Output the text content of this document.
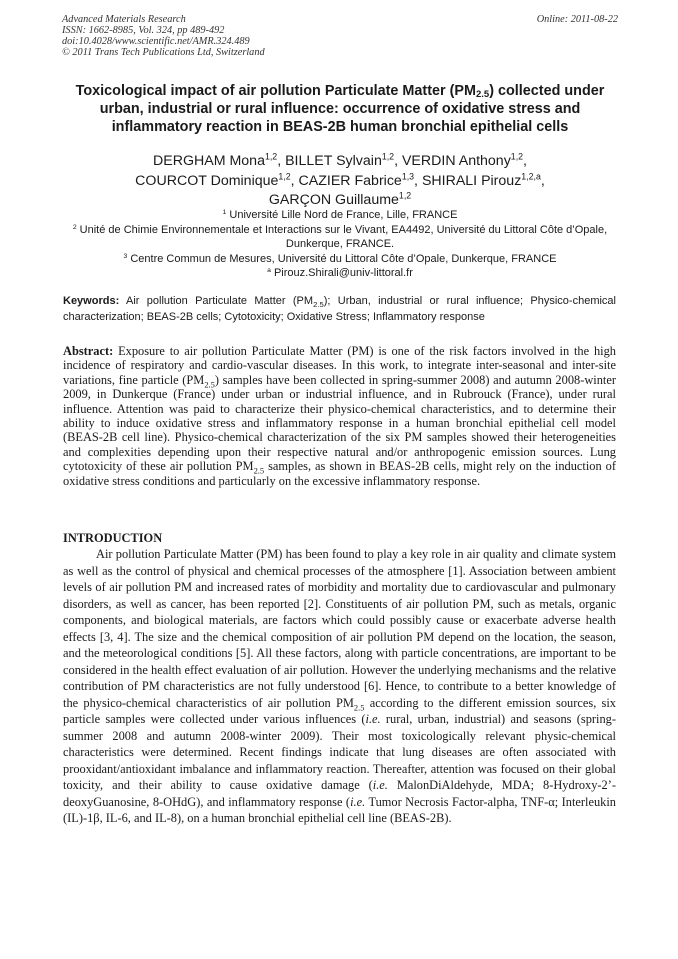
Advanced Materials Research
ISSN: 1662-8985, Vol. 324, pp 489-492
doi:10.4028/www.scientific.net/AMR.324.489
© 2011 Trans Tech Publications Ltd, Switzerland
Online: 2011-08-22
Toxicological impact of air pollution Particulate Matter $(PM_{2.5})$ collected under urban, industrial or rural influence: occurrence of oxidative stress and inflammatory reaction in BEAS-2B human bronchial epithelial cells
DERGHAM Mona$^{1,2}$, BILLET Sylvain$^{1,2}$, VERDIN Anthony$^{1,2}$,
COURCOT Dominique$^{1,2}$, CAZIER Fabrice$^{1,3}$, SHIRALI Pirouz$^{1,2,a}$,
GARÇON Guillaume$^{1,2}$
$^1$ Université Lille Nord de France, Lille, FRANCE
$^2$ Unité de Chimie Environnementale et Interactions sur le Vivant, EA4492, Université du Littoral Côte d’Opale, Dunkerque, FRANCE.
$^3$ Centre Commun de Mesures, Université du Littoral Côte d’Opale, Dunkerque, FRANCE
$^a$ Pirouz.Shirali@univ-littoral.fr
Keywords: Air pollution Particulate Matter $(PM_{2.5})$; Urban, industrial or rural influence; Physico-chemical characterization; BEAS-2B cells; Cytotoxicity; Oxidative Stress; Inflammatory response
Abstract: Exposure to air pollution Particulate Matter (PM) is one of the risk factors involved in the high incidence of respiratory and cardio-vascular diseases. In this work, to integrate inter-seasonal and inter-site variations, fine particle $(PM_{2.5})$ samples have been collected in spring-summer 2008) and autumn 2008-winter 2009, in Dunkerque (France) under urban or industrial influence, and in Rubrouck (France), under rural influence. Attention was paid to characterize their physico-chemical characteristics, and to determine their ability to induce oxidative stress and inflammatory response in a human bronchial epithelial cell model (BEAS-2B cell line). Physico-chemical characterization of the six PM samples showed their heterogeneities and complexities depending upon their respective natural and/or anthropogenic emission sources. Lung cytotoxicity of these air pollution $PM_{2.5}$ samples, as shown in BEAS-2B cells, might rely on the induction of oxidative stress conditions and particularly on the excessive inflammatory response.
INTRODUCTION

Air pollution Particulate Matter (PM) has been found to play a key role in air quality and climate system as well as the control of physical and chemical processes of the atmosphere [1]. Association between ambient levels of air pollution PM and increased rates of morbidity and mortality due to cardiovascular and pulmonary disorders, as well as cancer, has been reported [2]. Constituents of air pollution PM, such as metals, organic components, and biological materials, are factors which could possibly cause or exacerbate adverse health effects [3, 4]. The size and the chemical composition of air pollution PM depend on the location, the season, and the meteorological conditions [5]. All these factors, along with particle concentrations, are important to be considered in the health effect evaluation of air pollution. However the underlying mechanisms and the relative contribution of PM characteristics are not fully understood [6]. Hence, to contribute to a better knowledge of the physico-chemical characteristics of air pollution $PM_{2.5}$ according to the different emission sources, six particle samples were collected under various influences (i.e. rural, urban, industrial) and seasons (spring-summer 2008 and autumn 2008-winter 2009). Their most toxicologically relevant physic-chemical characteristics were determined. Recent findings indicate that lung diseases are often associated with prooxidant/antioxidant imbalance and inflammatory reaction. Thereafter, attention was focused on their global toxicity, and their ability to cause oxidative damage (i.e. MalonDiAldehyde, MDA; 8-Hydroxy-2’-deoxyGuanosine, 8-OHdG), and inflammatory response (i.e. Tumor Necrosis Factor-alpha, TNF-α; Interleukin (IL)-1β, IL-6, and IL-8), on a human bronchial epithelial cell line (BEAS-2B).
